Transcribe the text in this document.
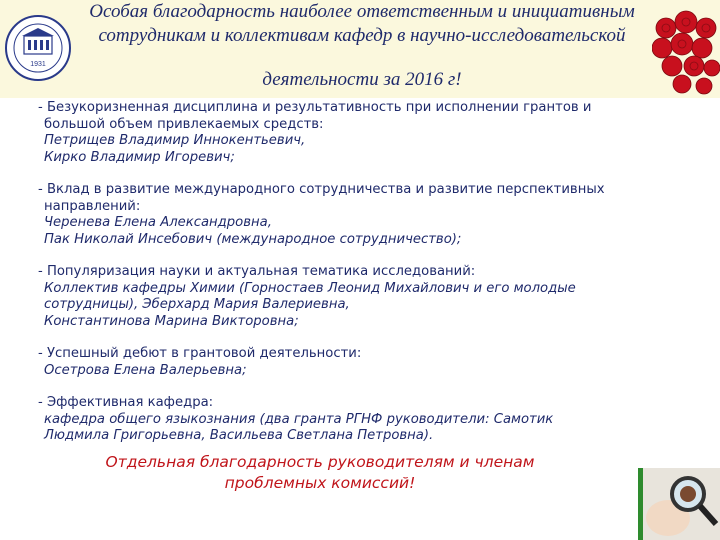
1931
Особая благодарность наиболее ответственным и инициативным
сотрудникам и коллективам кафедр в научно-исследовательской
деятельности за 2016 г!
- Безукоризненная дисциплина и результативность при исполнении грантов и
большой объем привлекаемых средств:
Петрищев Владимир Иннокентьевич,
Кирко Владимир Игоревич;
- Вклад в развитие международного сотрудничества и развитие перспективных
направлений:
Черенева Елена Александровна,
Пак Николай Инсебович (международное сотрудничество);
- Популяризация науки и актуальная тематика исследований:
Коллектив кафедры Химии (Горностаев Леонид Михайлович и его молодые
сотрудницы), Эберхард Мария Валериевна,
Константинова Марина Викторовна;
- Успешный дебют в грантовой деятельности:
Осетрова Елена Валерьевна;
- Эффективная кафедра:
кафедра общего языкознания (два гранта РГНФ руководители: Самотик
Людмила Григорьевна, Васильева Светлана Петровна).
Отдельная благодарность руководителям и членам
проблемных комиссий!
